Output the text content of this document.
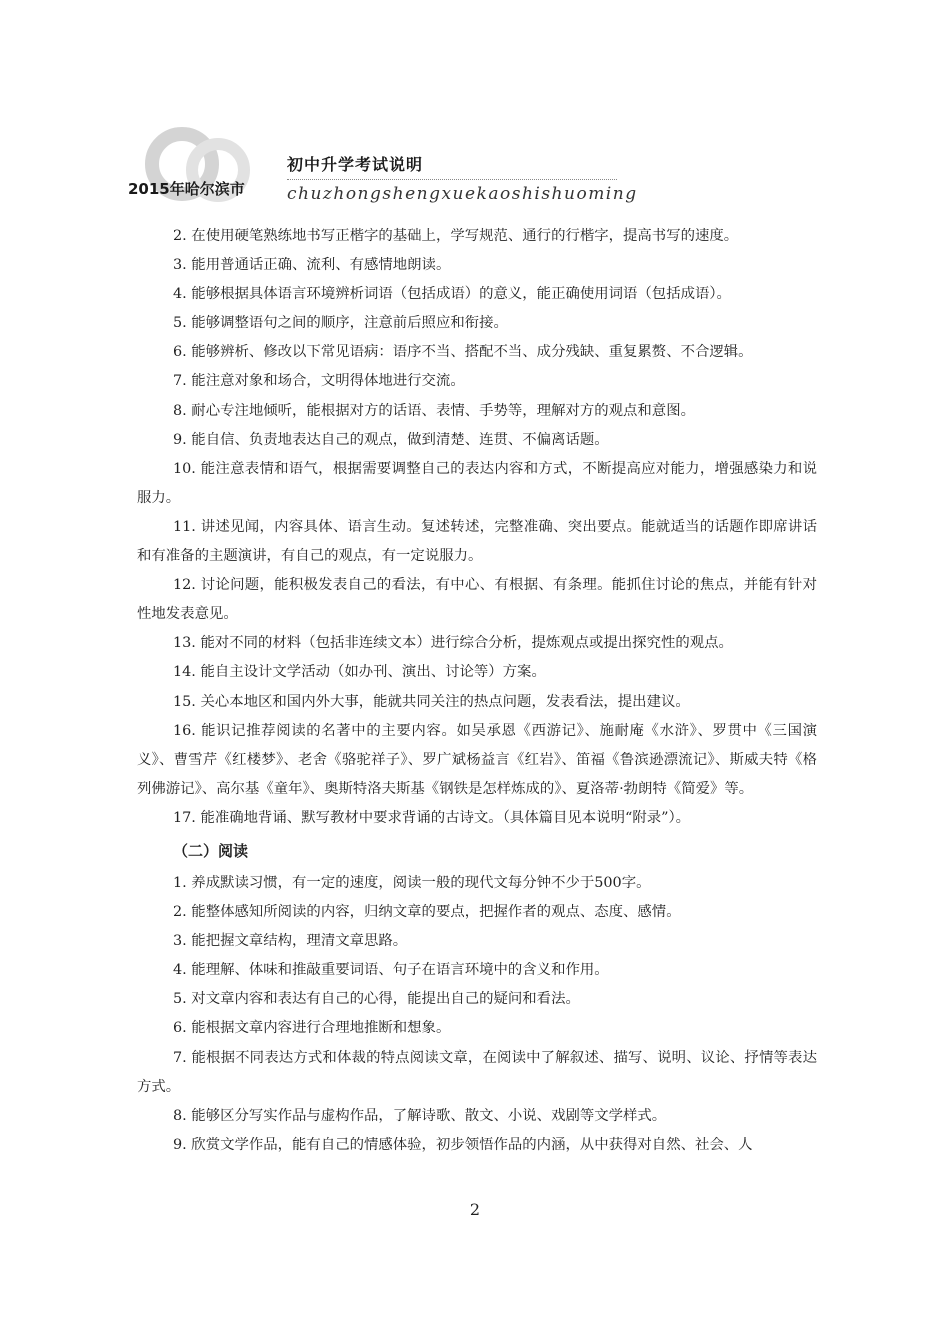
2015年哈尔滨市
初中升学考试说明
chuzhongshengxuekaoshishuoming

2. 在使用硬笔熟练地书写正楷字的基础上，学写规范、通行的行楷字，提高书写的速度。

3. 能用普通话正确、流利、有感情地朗读。

4. 能够根据具体语言环境辨析词语（包括成语）的意义，能正确使用词语（包括成语）。

5. 能够调整语句之间的顺序，注意前后照应和衔接。

6. 能够辨析、修改以下常见语病：语序不当、搭配不当、成分残缺、重复累赘、不合逻辑。

7. 能注意对象和场合，文明得体地进行交流。

8. 耐心专注地倾听，能根据对方的话语、表情、手势等，理解对方的观点和意图。

9. 能自信、负责地表达自己的观点，做到清楚、连贯、不偏离话题。

10. 能注意表情和语气，根据需要调整自己的表达内容和方式，不断提高应对能力，增强感染力和说服力。

11. 讲述见闻，内容具体、语言生动。复述转述，完整准确、突出要点。能就适当的话题作即席讲话和有准备的主题演讲，有自己的观点，有一定说服力。

12. 讨论问题，能积极发表自己的看法，有中心、有根据、有条理。能抓住讨论的焦点，并能有针对性地发表意见。

13. 能对不同的材料（包括非连续文本）进行综合分析，提炼观点或提出探究性的观点。

14. 能自主设计文学活动（如办刊、演出、讨论等）方案。

15. 关心本地区和国内外大事，能就共同关注的热点问题，发表看法，提出建议。

16. 能识记推荐阅读的名著中的主要内容。如吴承恩《西游记》、施耐庵《水浒》、罗贯中《三国演义》、曹雪芹《红楼梦》、老舍《骆驼祥子》、罗广斌杨益言《红岩》、笛福《鲁滨逊漂流记》、斯威夫特《格列佛游记》、高尔基《童年》、奥斯特洛夫斯基《钢铁是怎样炼成的》、夏洛蒂·勃朗特《简爱》等。

17. 能准确地背诵、默写教材中要求背诵的古诗文。（具体篇目见本说明“附录”）。

（二）阅读

1. 养成默读习惯，有一定的速度，阅读一般的现代文每分钟不少于500字。

2. 能整体感知所阅读的内容，归纳文章的要点，把握作者的观点、态度、感情。

3. 能把握文章结构，理清文章思路。

4. 能理解、体味和推敲重要词语、句子在语言环境中的含义和作用。

5. 对文章内容和表达有自己的心得，能提出自己的疑问和看法。

6. 能根据文章内容进行合理地推断和想象。

7. 能根据不同表达方式和体裁的特点阅读文章，在阅读中了解叙述、描写、说明、议论、抒情等表达方式。

8. 能够区分写实作品与虚构作品，了解诗歌、散文、小说、戏剧等文学样式。

9. 欣赏文学作品，能有自己的情感体验，初步领悟作品的内涵，从中获得对自然、社会、人

2
